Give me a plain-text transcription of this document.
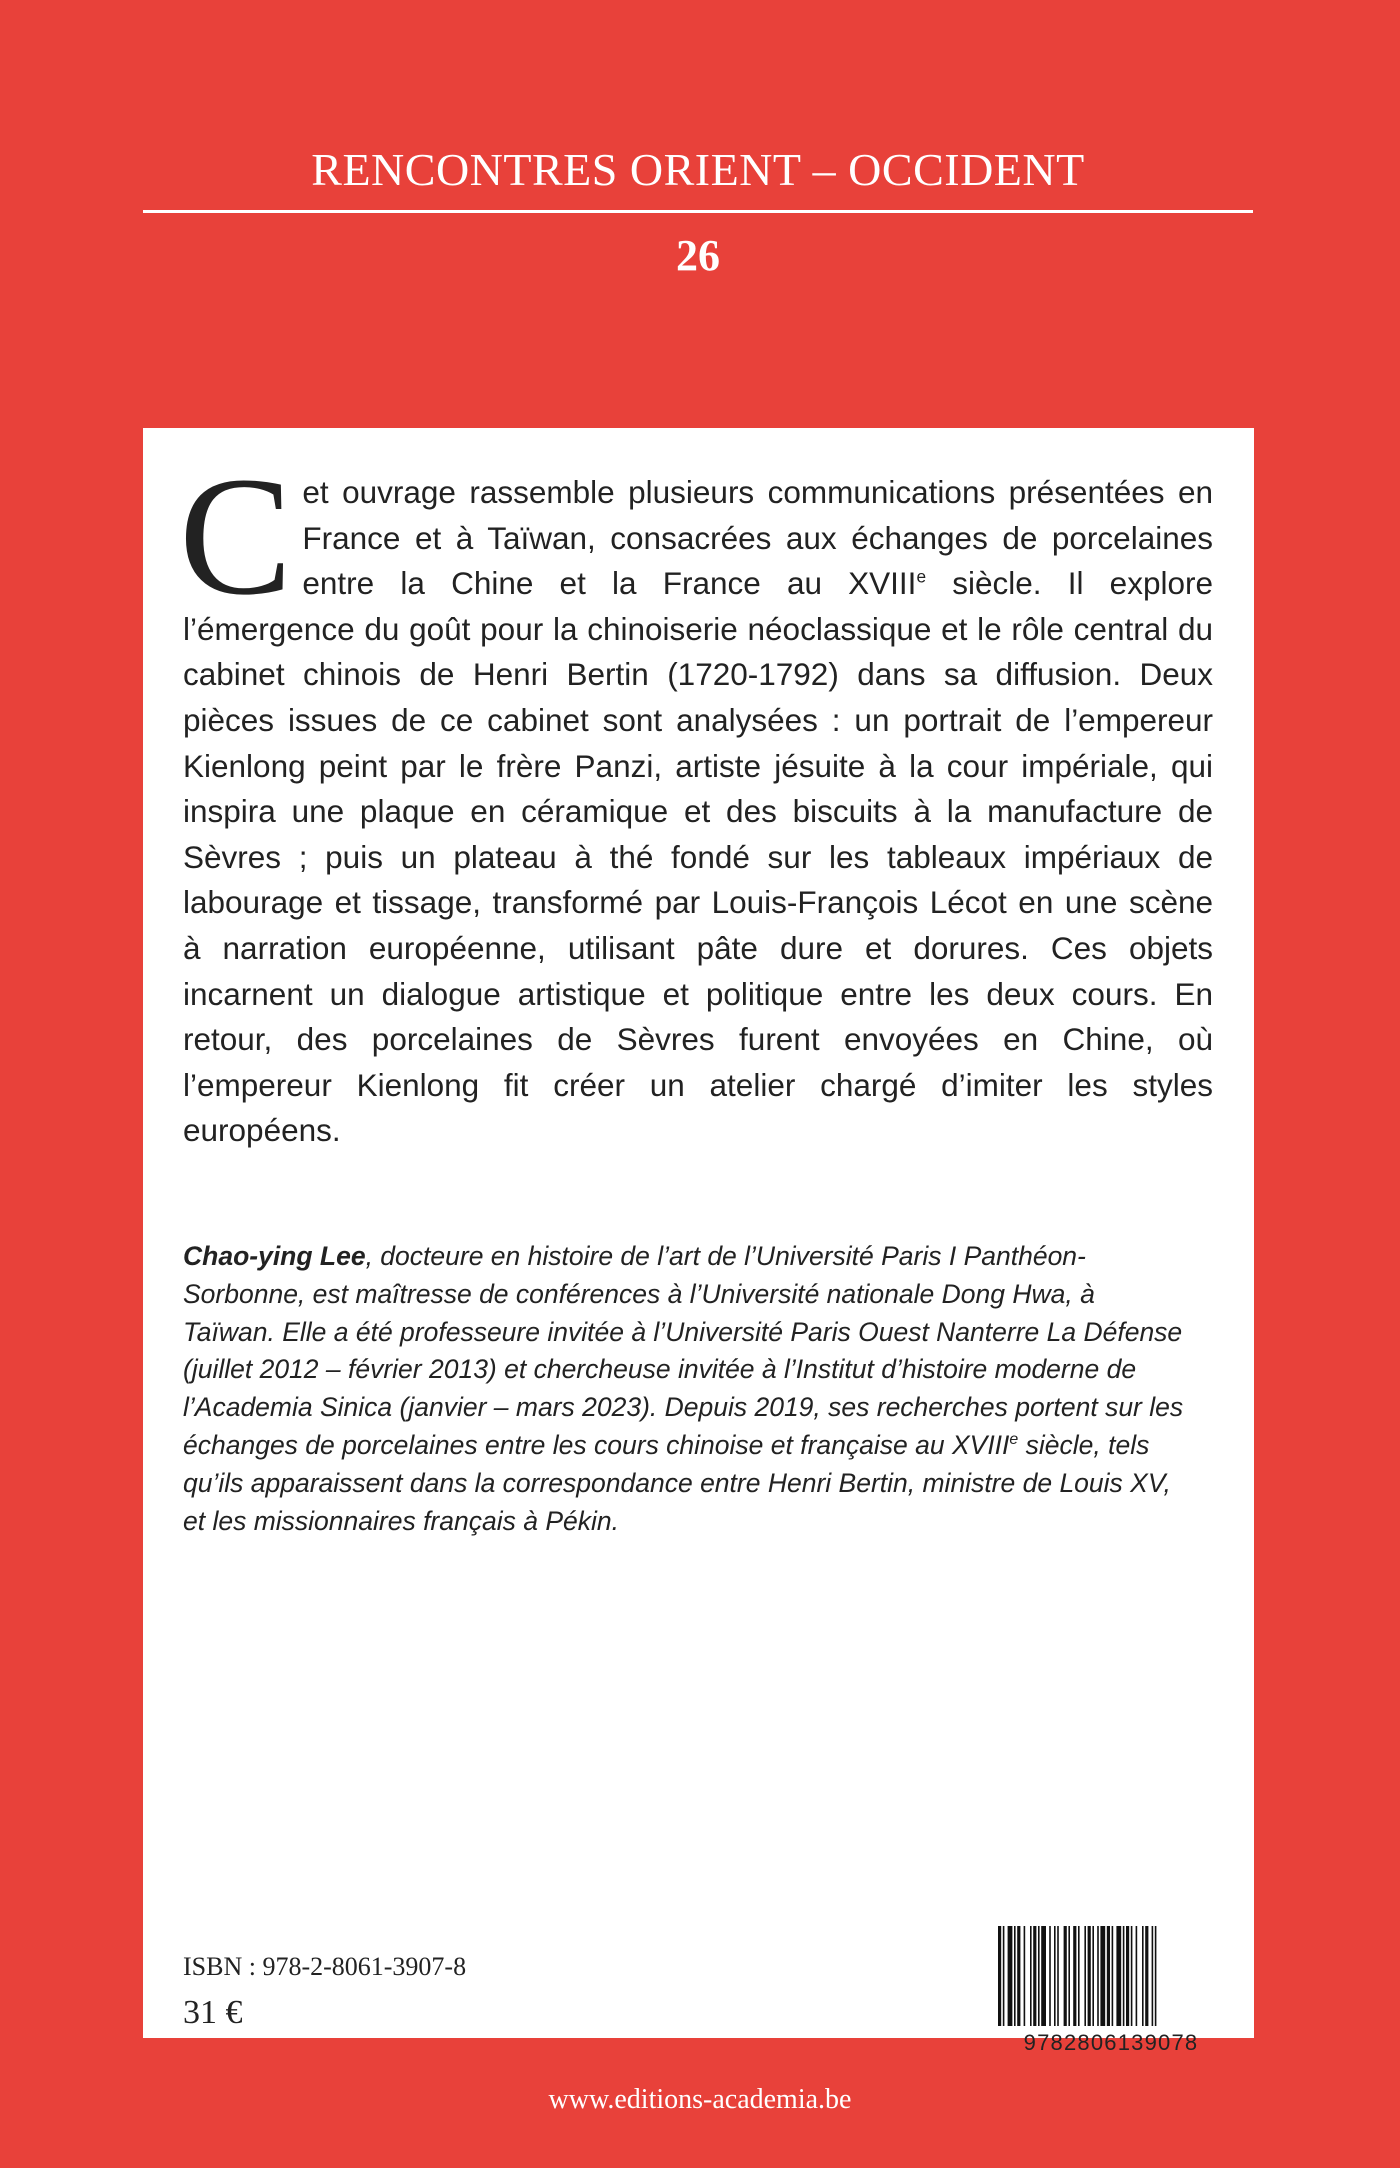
RENCONTRES ORIENT – OCCIDENT
26
Cet ouvrage rassemble plusieurs communications présentées en France et à Taïwan, consacrées aux échanges de porcelaines entre la Chine et la France au XVIIIe siècle. Il explore l’émergence du goût pour la chinoiserie néoclassique et le rôle central du cabinet chinois de Henri Bertin (1720-1792) dans sa diffusion. Deux pièces issues de ce cabinet sont analysées : un portrait de l’empereur Kienlong peint par le frère Panzi, artiste jésuite à la cour impériale, qui inspira une plaque en céramique et des biscuits à la manufacture de Sèvres ; puis un plateau à thé fondé sur les tableaux impériaux de labourage et tissage, transformé par Louis-François Lécot en une scène à narration européenne, utilisant pâte dure et dorures. Ces objets incarnent un dialogue artistique et politique entre les deux cours. En retour, des porcelaines de Sèvres furent envoyées en Chine, où l’empereur Kienlong fit créer un atelier chargé d’imiter les styles européens.
Chao-ying Lee, docteure en histoire de l’art de l’Université Paris I Panthéon-Sorbonne, est maîtresse de conférences à l’Université nationale Dong Hwa, à Taïwan. Elle a été professeure invitée à l’Université Paris Ouest Nanterre La Défense (juillet 2012 – février 2013) et chercheuse invitée à l’Institut d’histoire moderne de l’Academia Sinica (janvier – mars 2023). Depuis 2019, ses recherches portent sur les échanges de porcelaines entre les cours chinoise et française au XVIIIe siècle, tels qu’ils apparaissent dans la correspondance entre Henri Bertin, ministre de Louis XV, et les missionnaires français à Pékin.
ISBN : 978-2-8061-3907-8
31 €
9782806139078
www.editions-academia.be
